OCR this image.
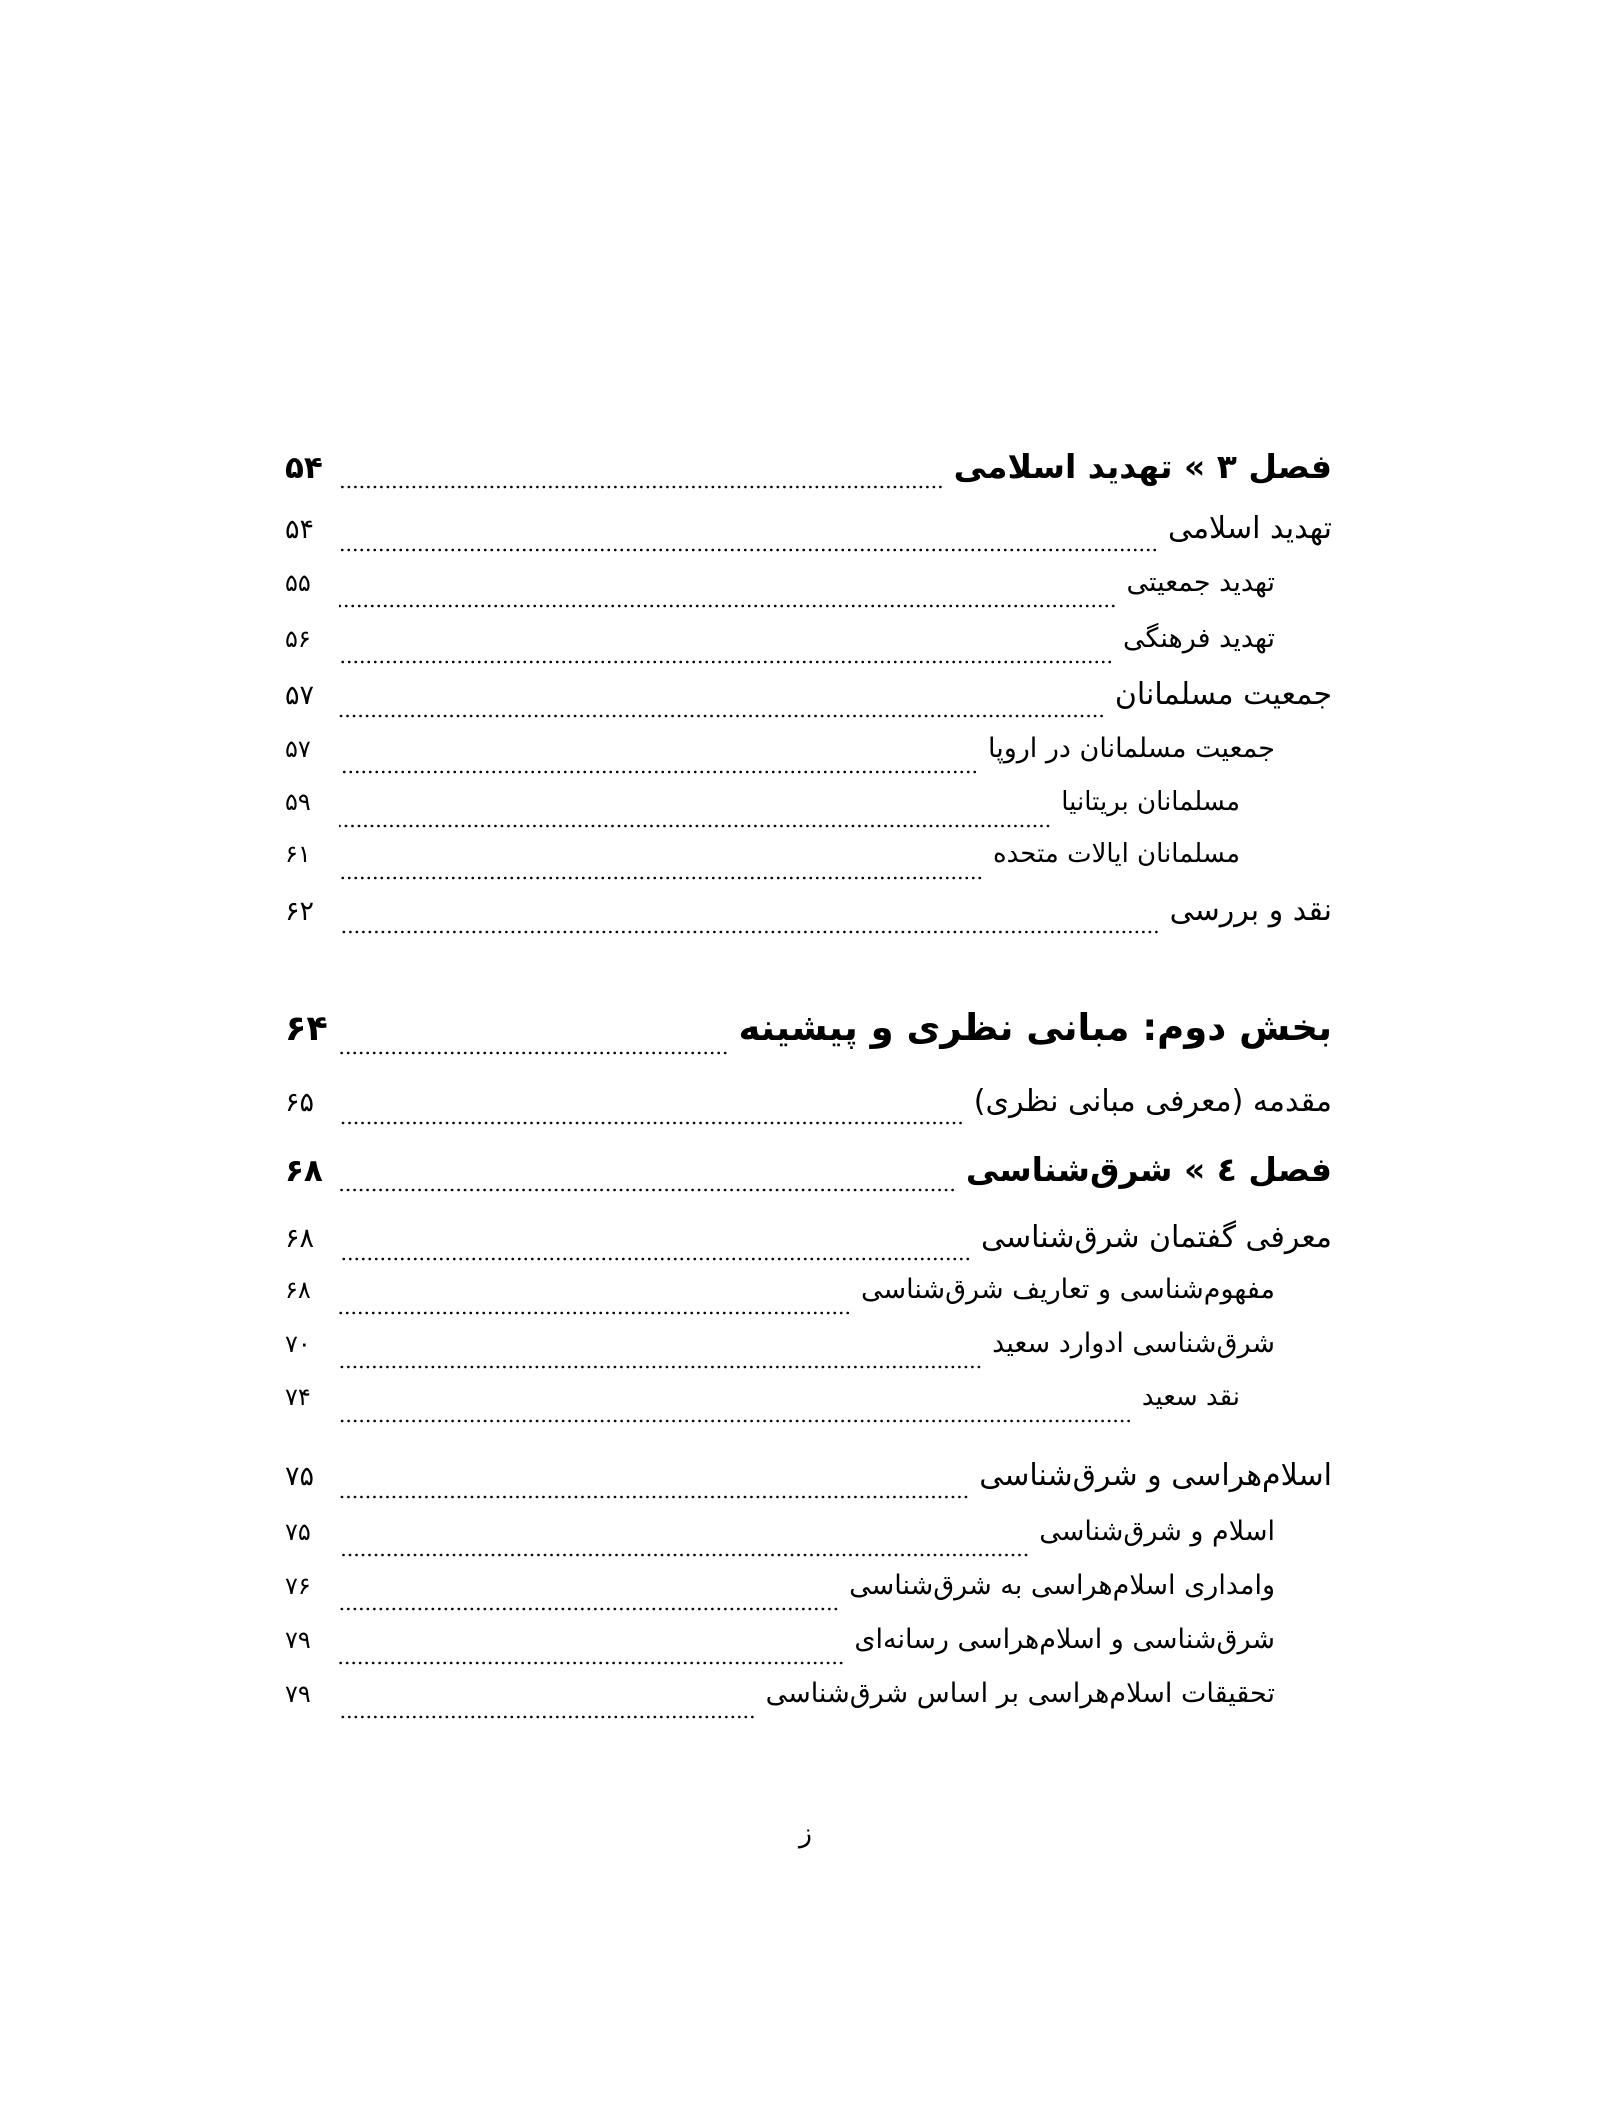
فصل ۳ » تهدید اسلامی
۵۴
تهدید اسلامی
۵۴
تهدید جمعیتی
۵۵
تهدید فرهنگی
۵۶
جمعیت مسلمانان
۵۷
جمعیت مسلمانان در اروپا
۵۷
مسلمانان بریتانیا
۵۹
مسلمانان ایالات متحده
۶۱
نقد و بررسی
۶۲
بخش دوم: مبانی نظری و پیشینه
۶۴
مقدمه (معرفی مبانی نظری)
۶۵
فصل ٤ » شرق‌شناسی
۶۸
معرفی گفتمان شرق‌شناسی
۶۸
مفهوم‌شناسی و تعاریف شرق‌شناسی
۶۸
شرق‌شناسی ادوارد سعید
۷۰
نقد سعید
۷۴
اسلام‌هراسی و شرق‌شناسی
۷۵
اسلام و شرق‌شناسی
۷۵
وامداری اسلام‌هراسی به شرق‌شناسی
۷۶
شرق‌شناسی و اسلام‌هراسی رسانه‌ای
۷۹
تحقیقات اسلام‌هراسی بر اساس شرق‌شناسی
۷۹
ز
